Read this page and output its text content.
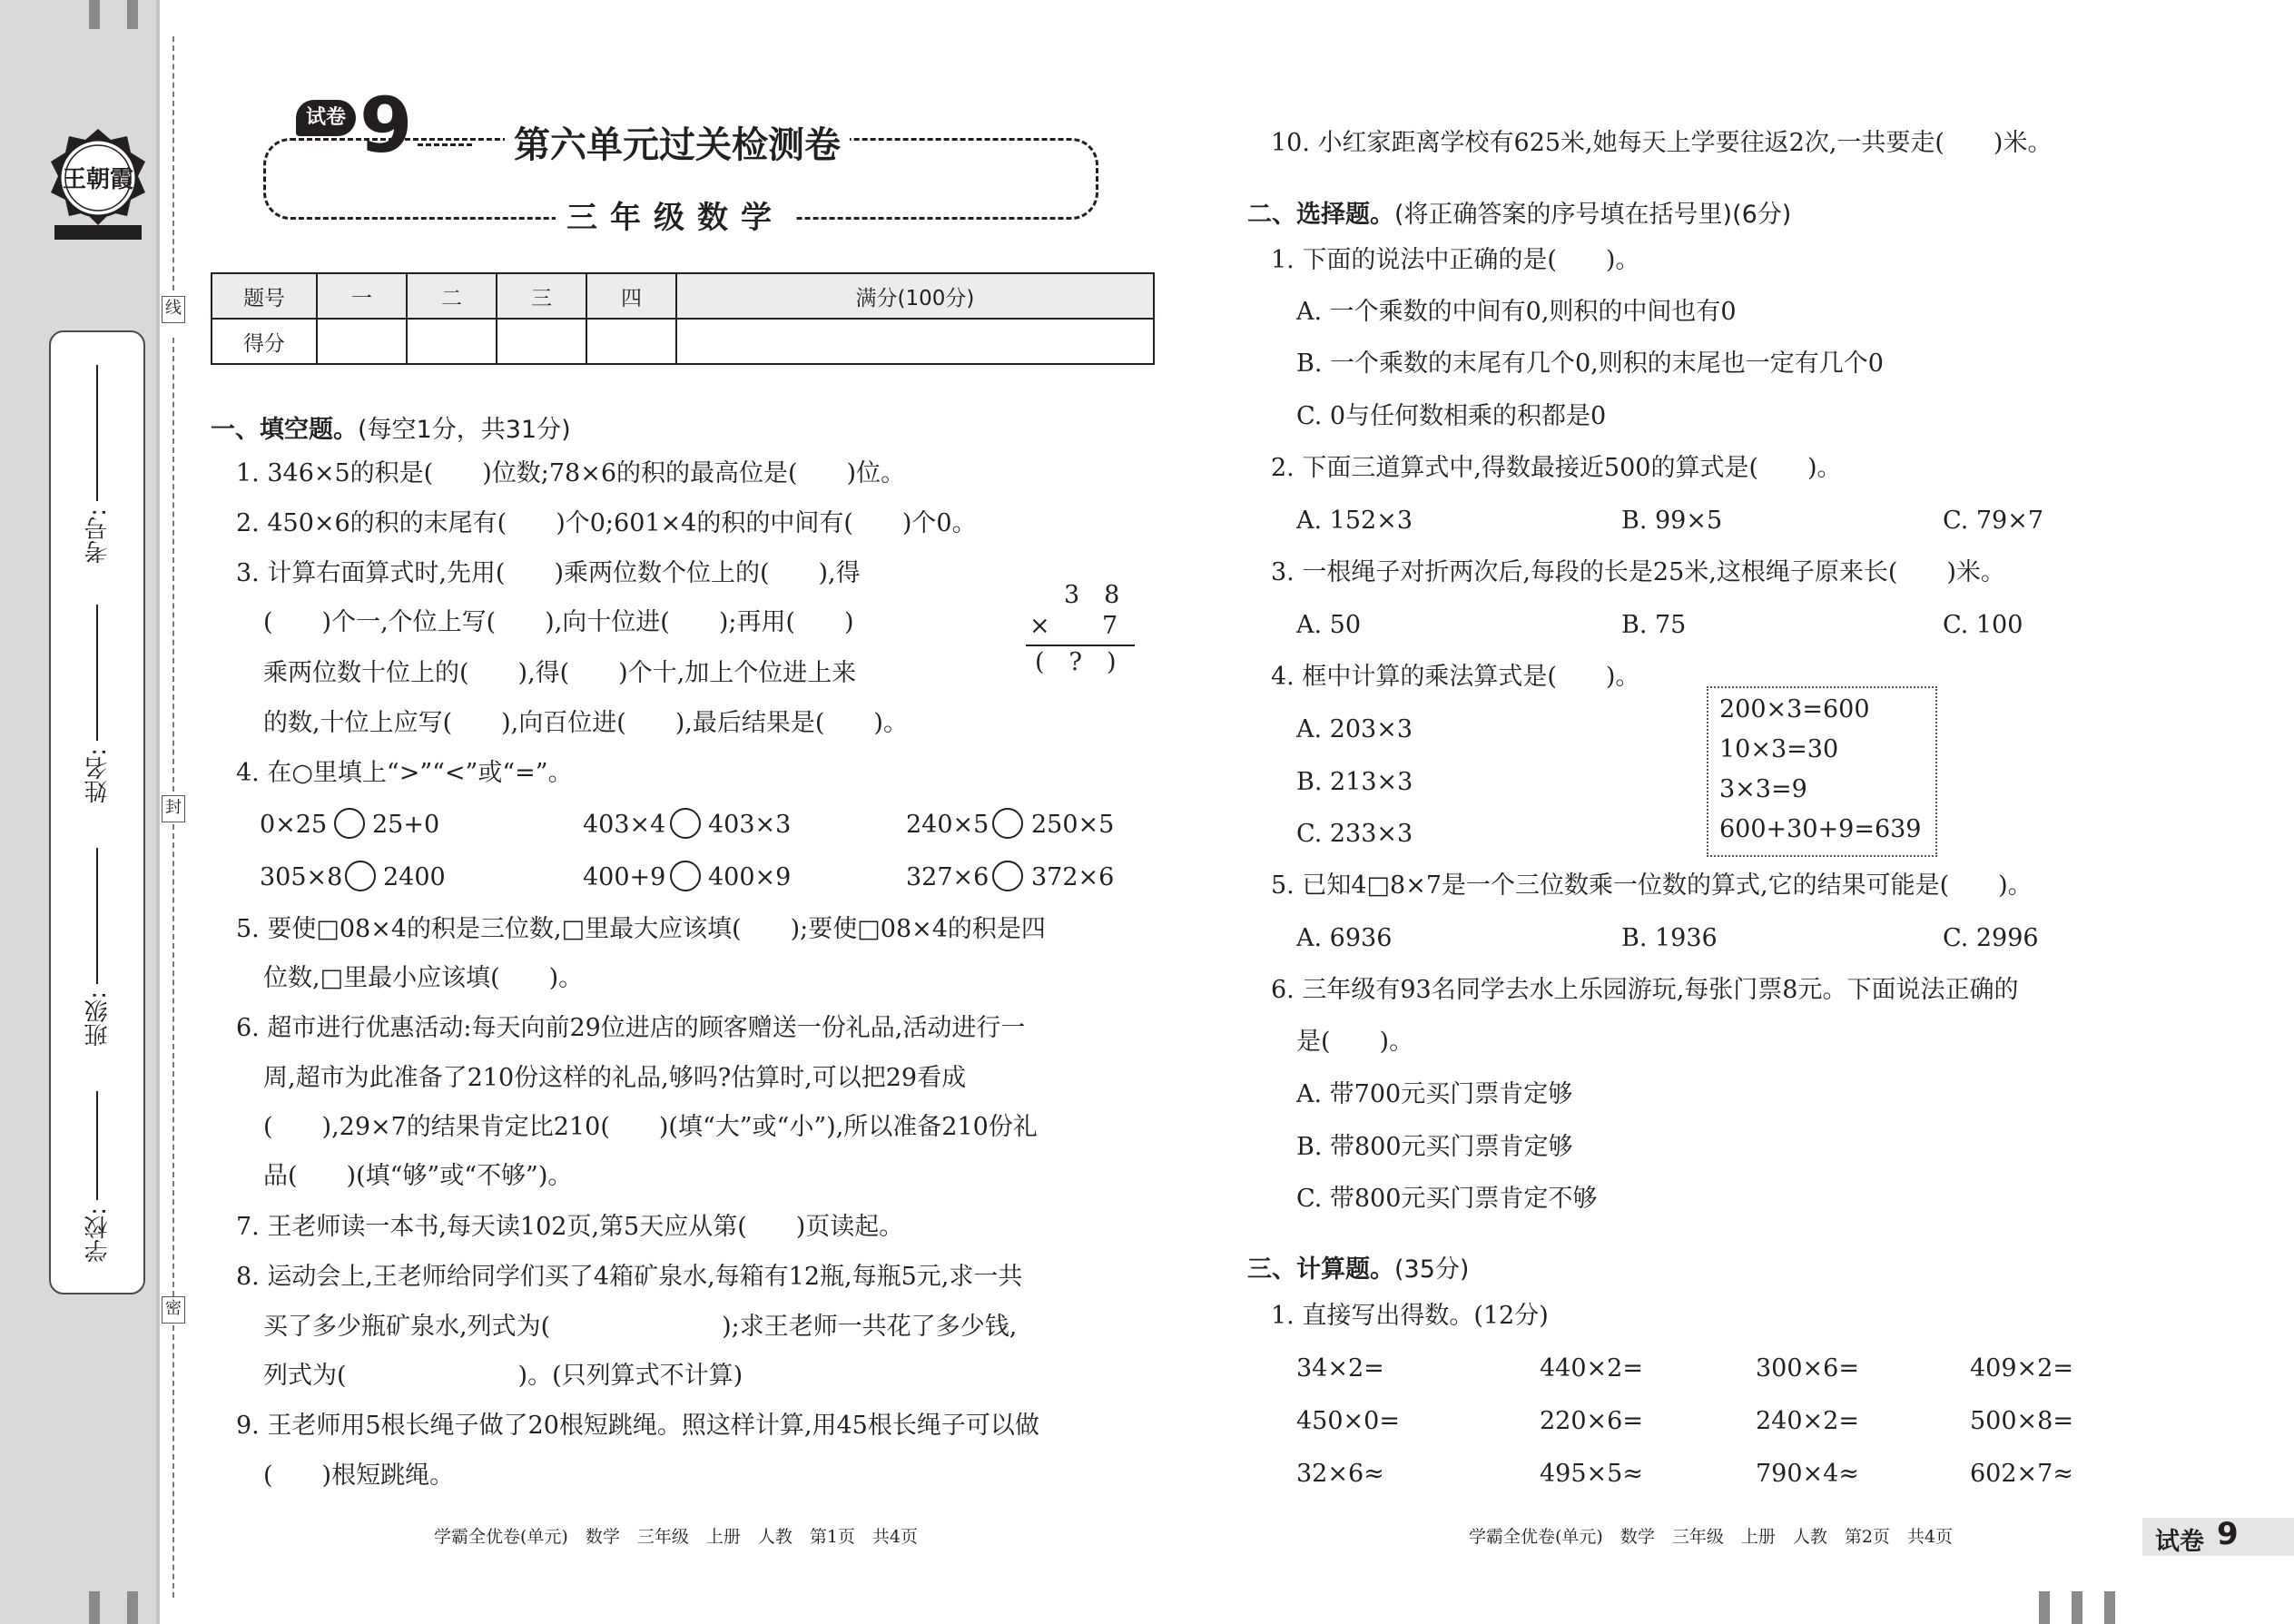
王朝霞
考号:
姓名:
班级:
学校:
线
封
密
试卷 9	第六单元过关检测卷
三年级数学
题号	一	二	三	四	满分(100分)
得分					
一、填空题。(每空1分，共31分)
1. 346×5的积是(　　)位数;78×6的积的最高位是(　　)位。
2. 450×6的积的末尾有(　　)个0;601×4的积的中间有(　　)个0。
3. 计算右面算式时,先用(　　)乘两位数个位上的(　　),得
(　　)个一,个位上写(　　),向十位进(　　);再用(　　)
乘两位数十位上的(　　),得(　　)个十,加上个位进上来
的数,十位上应写(　　),向百位进(　　),最后结果是(　　)。
3　8
× 7
(　?　)
4. 在○里填上“>”“<”或“=”。
0×25 25+0	403×4 403×3	240×5 250×5
305×8 2400	400+9 400×9	327×6 372×6
5. 要使□08×4的积是三位数,□里最大应该填(　　);要使□08×4的积是四
位数,□里最小应该填(　　)。
6. 超市进行优惠活动:每天向前29位进店的顾客赠送一份礼品,活动进行一
周,超市为此准备了210份这样的礼品,够吗?估算时,可以把29看成
(　　),29×7的结果肯定比210(　　)(填“大”或“小”),所以准备210份礼
品(　　)(填“够”或“不够”)。
7. 王老师读一本书,每天读102页,第5天应从第(　　)页读起。
8. 运动会上,王老师给同学们买了4箱矿泉水,每箱有12瓶,每瓶5元,求一共
买了多少瓶矿泉水,列式为(　　　　　　　);求王老师一共花了多少钱,
列式为(　　　　　　　)。(只列算式不计算)
9. 王老师用5根长绳子做了20根短跳绳。照这样计算,用45根长绳子可以做
(　　)根短跳绳。
学霸全优卷(单元)　数学　三年级　上册　人教　第1页　共4页
10. 小红家距离学校有625米,她每天上学要往返2次,一共要走(　　)米。
二、选择题。(将正确答案的序号填在括号里)(6分)
1. 下面的说法中正确的是(　　)。
A. 一个乘数的中间有0,则积的中间也有0
B. 一个乘数的末尾有几个0,则积的末尾也一定有几个0
C. 0与任何数相乘的积都是0
2. 下面三道算式中,得数最接近500的算式是(　　)。
A. 152×3	B. 99×5	C. 79×7
3. 一根绳子对折两次后,每段的长是25米,这根绳子原来长(　　)米。
A. 50	B. 75	C. 100
4. 框中计算的乘法算式是(　　)。
A. 203×3
B. 213×3
C. 233×3
200×3=600
10×3=30
3×3=9
600+30+9=639
5. 已知4□8×7是一个三位数乘一位数的算式,它的结果可能是(　　)。
A. 6936	B. 1936	C. 2996
6. 三年级有93名同学去水上乐园游玩,每张门票8元。下面说法正确的
是(　　)。
A. 带700元买门票肯定够
B. 带800元买门票肯定够
C. 带800元买门票肯定不够
三、计算题。(35分)
1. 直接写出得数。(12分)
34×2=	440×2=	300×6=	409×2=
450×0=	220×6=	240×2=	500×8=
32×6≈	495×5≈	790×4≈	602×7≈
学霸全优卷(单元)　数学　三年级　上册　人教　第2页　共4页	试卷 9
